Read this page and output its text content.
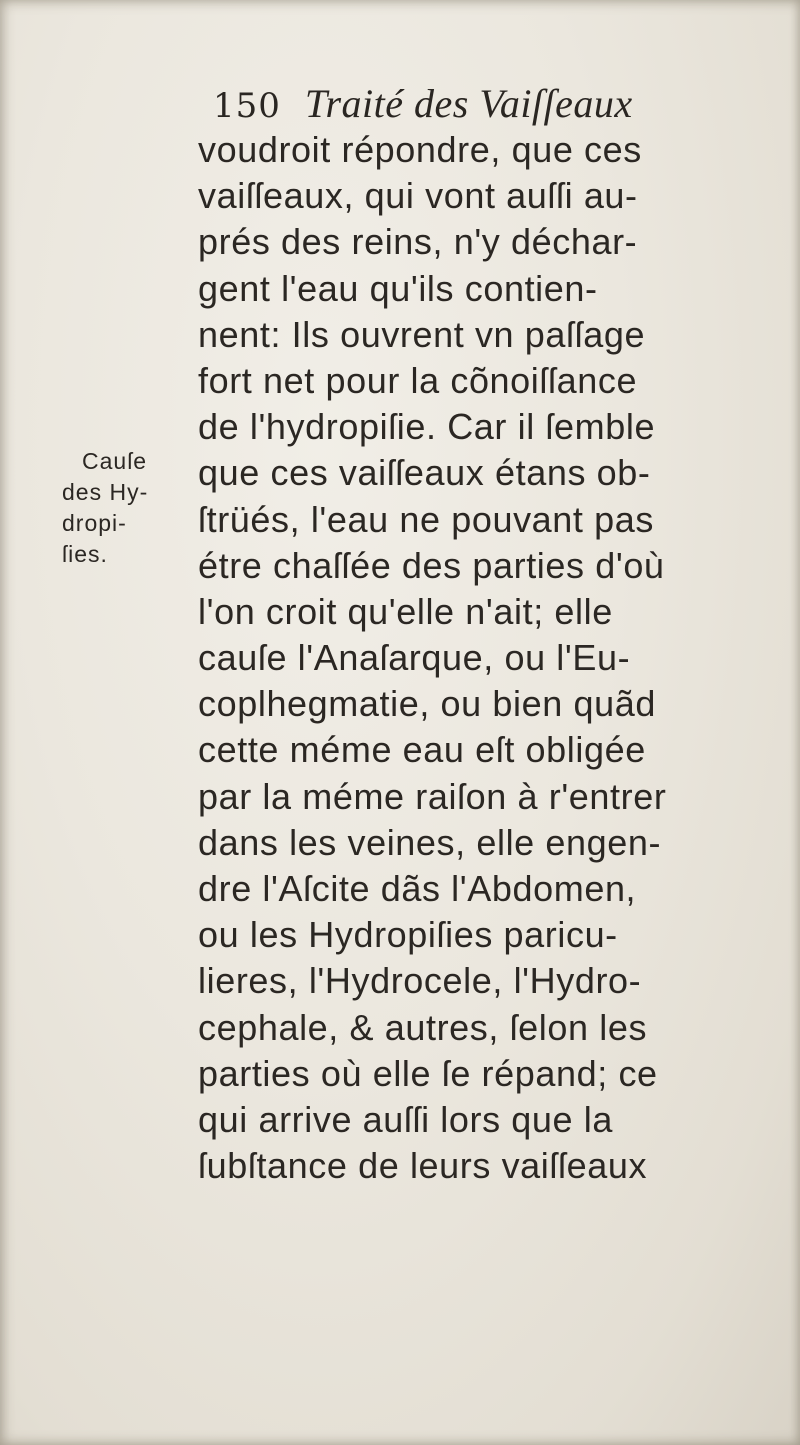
150 Traité des Vaiſſeaux
Cauſe
des Hy-
dropi-
ſies.
voudroit répondre, que ces
vaiſſeaux, qui vont auſſi au-
prés des reins, n'y déchar-
gent l'eau qu'ils contien-
nent: Ils ouvrent vn paſſage
fort net pour la cõnoiſſance
de l'hydropiſie. Car il ſemble
que ces vaiſſeaux étans ob-
ſtrüés, l'eau ne pouvant pas
étre chaſſée des parties d'où
l'on croit qu'elle n'ait; elle
cauſe l'Anaſarque, ou l'Eu-
coplhegmatie, ou bien quãd
cette méme eau eſt obligée
par la méme raiſon à r'entrer
dans les veines, elle engen-
dre l'Aſcite dãs l'Abdomen,
ou les Hydropiſies paricu-
lieres, l'Hydrocele, l'Hydro-
cephale, & autres, ſelon les
parties où elle ſe répand; ce
qui arrive auſſi lors que la
ſubſtance de leurs vaiſſeaux
